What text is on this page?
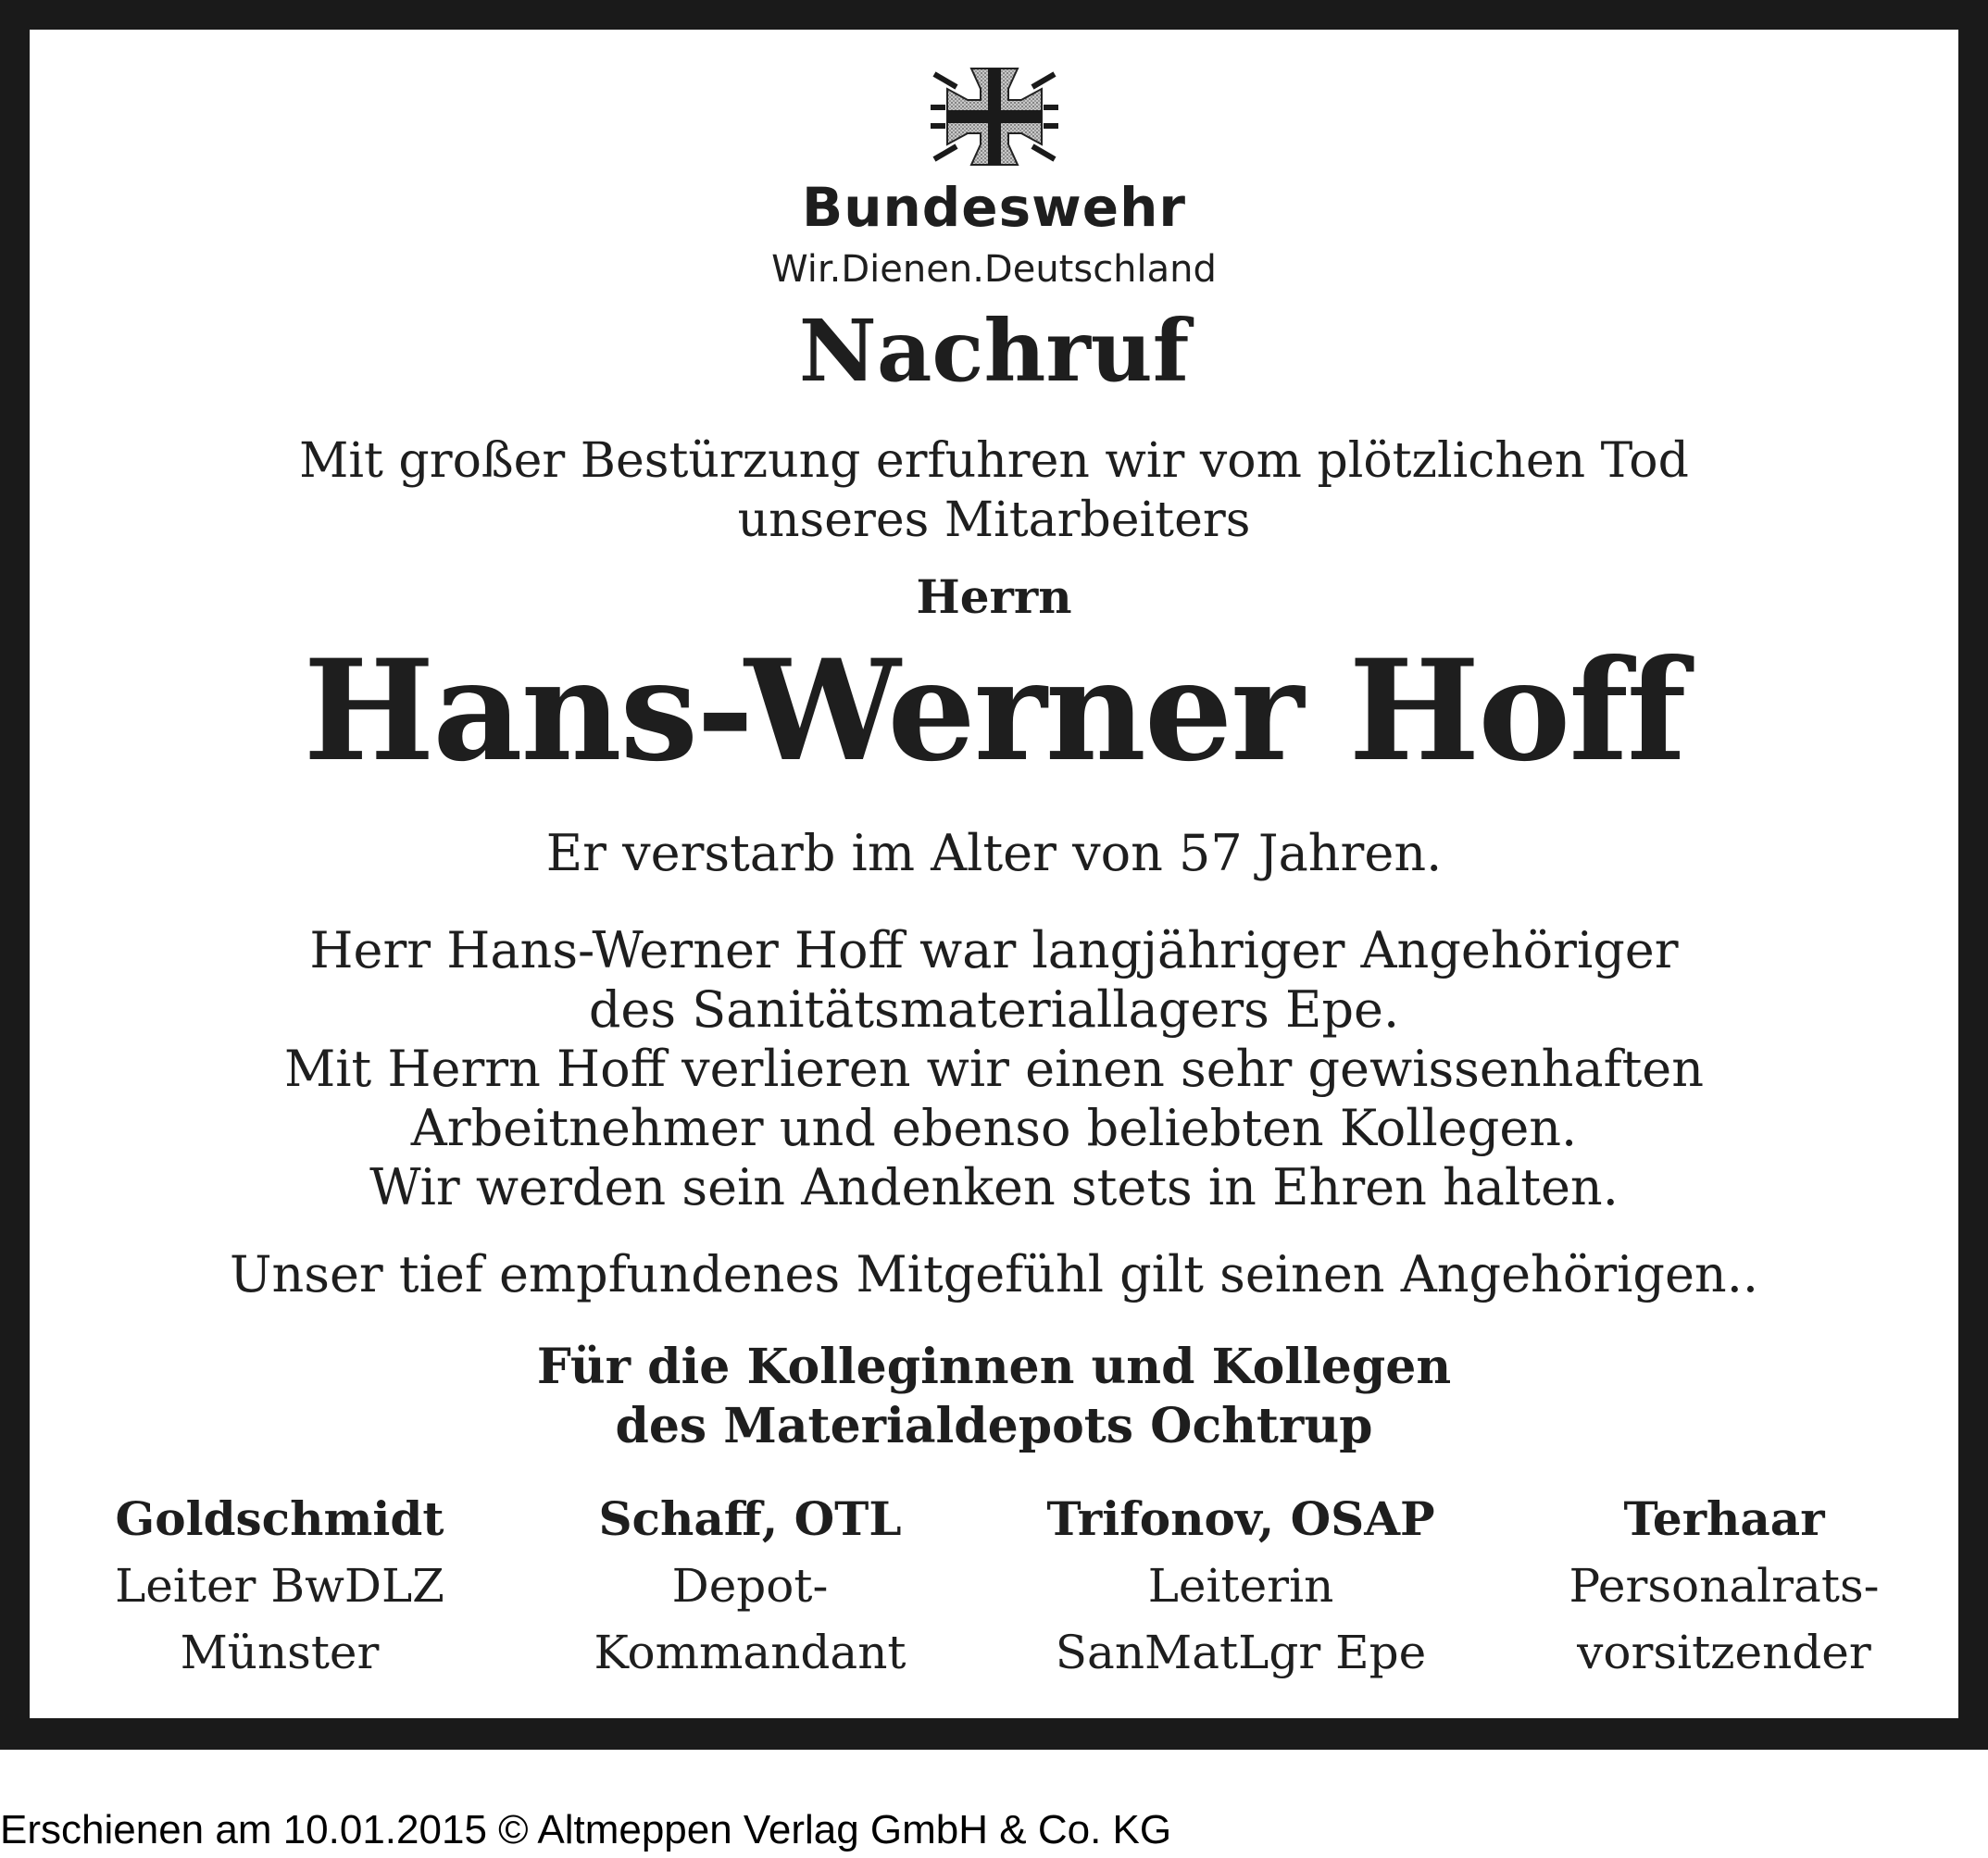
Bundeswehr
Wir.Dienen.Deutschland
Nachruf
Mit großer Bestürzung erfuhren wir vom plötzlichen Tod
unseres Mitarbeiters
Herrn
Hans-Werner Hoff
Er verstarb im Alter von 57 Jahren.
Herr Hans-Werner Hoff war langjähriger Angehöriger
des Sanitätsmateriallagers Epe.
Mit Herrn Hoff verlieren wir einen sehr gewissenhaften
Arbeitnehmer und ebenso beliebten Kollegen.
Wir werden sein Andenken stets in Ehren halten.
Unser tief empfundenes Mitgefühl gilt seinen Angehörigen..
Für die Kolleginnen und Kollegen
des Materialdepots Ochtrup
Goldschmidt
Leiter BwDLZ
Münster
Schaff, OTL
Depot-
Kommandant
Trifonov, OSAP
Leiterin
SanMatLgr Epe
Terhaar
Personalrats-
vorsitzender
Erschienen am 10.01.2015 © Altmeppen Verlag GmbH & Co. KG
